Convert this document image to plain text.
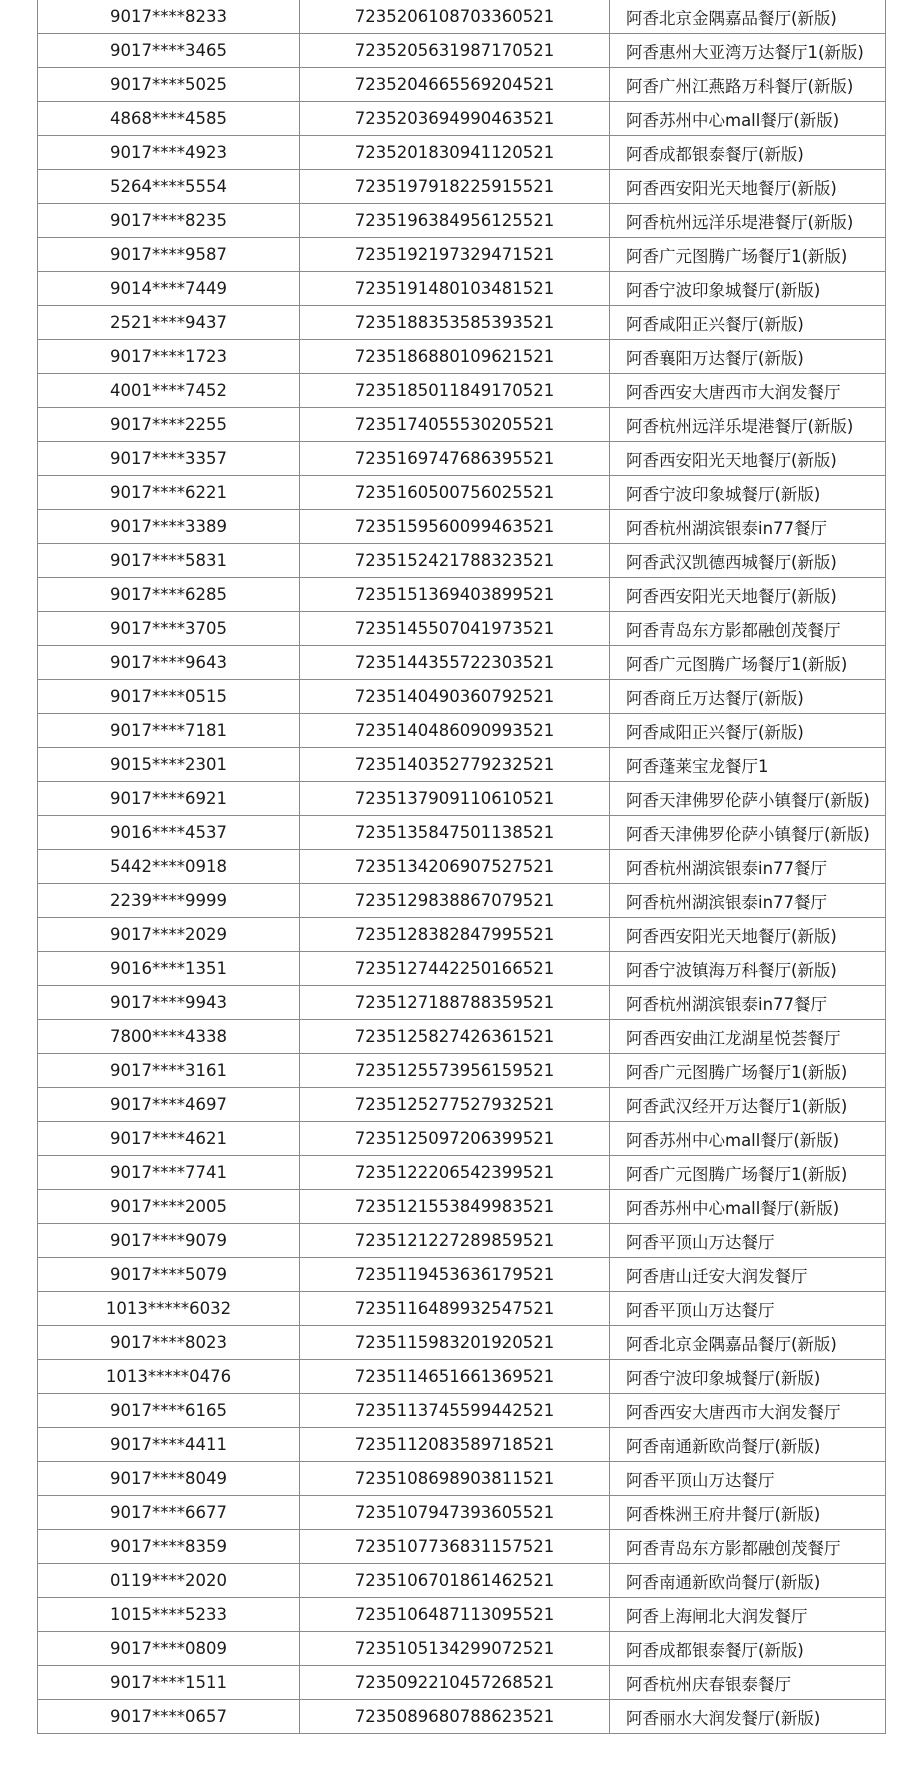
9017****8233	7235206108703360521	阿香北京金隅嘉品餐厅(新版)
9017****3465	7235205631987170521	阿香惠州大亚湾万达餐厅1(新版)
9017****5025	7235204665569204521	阿香广州江燕路万科餐厅(新版)
4868****4585	7235203694990463521	阿香苏州中心mall餐厅(新版)
9017****4923	7235201830941120521	阿香成都银泰餐厅(新版)
5264****5554	7235197918225915521	阿香西安阳光天地餐厅(新版)
9017****8235	7235196384956125521	阿香杭州远洋乐堤港餐厅(新版)
9017****9587	7235192197329471521	阿香广元图腾广场餐厅1(新版)
9014****7449	7235191480103481521	阿香宁波印象城餐厅(新版)
2521****9437	7235188353585393521	阿香咸阳正兴餐厅(新版)
9017****1723	7235186880109621521	阿香襄阳万达餐厅(新版)
4001****7452	7235185011849170521	阿香西安大唐西市大润发餐厅
9017****2255	7235174055530205521	阿香杭州远洋乐堤港餐厅(新版)
9017****3357	7235169747686395521	阿香西安阳光天地餐厅(新版)
9017****6221	7235160500756025521	阿香宁波印象城餐厅(新版)
9017****3389	7235159560099463521	阿香杭州湖滨银泰in77餐厅
9017****5831	7235152421788323521	阿香武汉凯德西城餐厅(新版)
9017****6285	7235151369403899521	阿香西安阳光天地餐厅(新版)
9017****3705	7235145507041973521	阿香青岛东方影都融创茂餐厅
9017****9643	7235144355722303521	阿香广元图腾广场餐厅1(新版)
9017****0515	7235140490360792521	阿香商丘万达餐厅(新版)
9017****7181	7235140486090993521	阿香咸阳正兴餐厅(新版)
9015****2301	7235140352779232521	阿香蓬莱宝龙餐厅1
9017****6921	7235137909110610521	阿香天津佛罗伦萨小镇餐厅(新版)
9016****4537	7235135847501138521	阿香天津佛罗伦萨小镇餐厅(新版)
5442****0918	7235134206907527521	阿香杭州湖滨银泰in77餐厅
2239****9999	7235129838867079521	阿香杭州湖滨银泰in77餐厅
9017****2029	7235128382847995521	阿香西安阳光天地餐厅(新版)
9016****1351	7235127442250166521	阿香宁波镇海万科餐厅(新版)
9017****9943	7235127188788359521	阿香杭州湖滨银泰in77餐厅
7800****4338	7235125827426361521	阿香西安曲江龙湖星悦荟餐厅
9017****3161	7235125573956159521	阿香广元图腾广场餐厅1(新版)
9017****4697	7235125277527932521	阿香武汉经开万达餐厅1(新版)
9017****4621	7235125097206399521	阿香苏州中心mall餐厅(新版)
9017****7741	7235122206542399521	阿香广元图腾广场餐厅1(新版)
9017****2005	7235121553849983521	阿香苏州中心mall餐厅(新版)
9017****9079	7235121227289859521	阿香平顶山万达餐厅
9017****5079	7235119453636179521	阿香唐山迁安大润发餐厅
1013*****6032	7235116489932547521	阿香平顶山万达餐厅
9017****8023	7235115983201920521	阿香北京金隅嘉品餐厅(新版)
1013*****0476	7235114651661369521	阿香宁波印象城餐厅(新版)
9017****6165	7235113745599442521	阿香西安大唐西市大润发餐厅
9017****4411	7235112083589718521	阿香南通新欧尚餐厅(新版)
9017****8049	7235108698903811521	阿香平顶山万达餐厅
9017****6677	7235107947393605521	阿香株洲王府井餐厅(新版)
9017****8359	7235107736831157521	阿香青岛东方影都融创茂餐厅
0119****2020	7235106701861462521	阿香南通新欧尚餐厅(新版)
1015****5233	7235106487113095521	阿香上海闸北大润发餐厅
9017****0809	7235105134299072521	阿香成都银泰餐厅(新版)
9017****1511	7235092210457268521	阿香杭州庆春银泰餐厅
9017****0657	7235089680788623521	阿香丽水大润发餐厅(新版)
